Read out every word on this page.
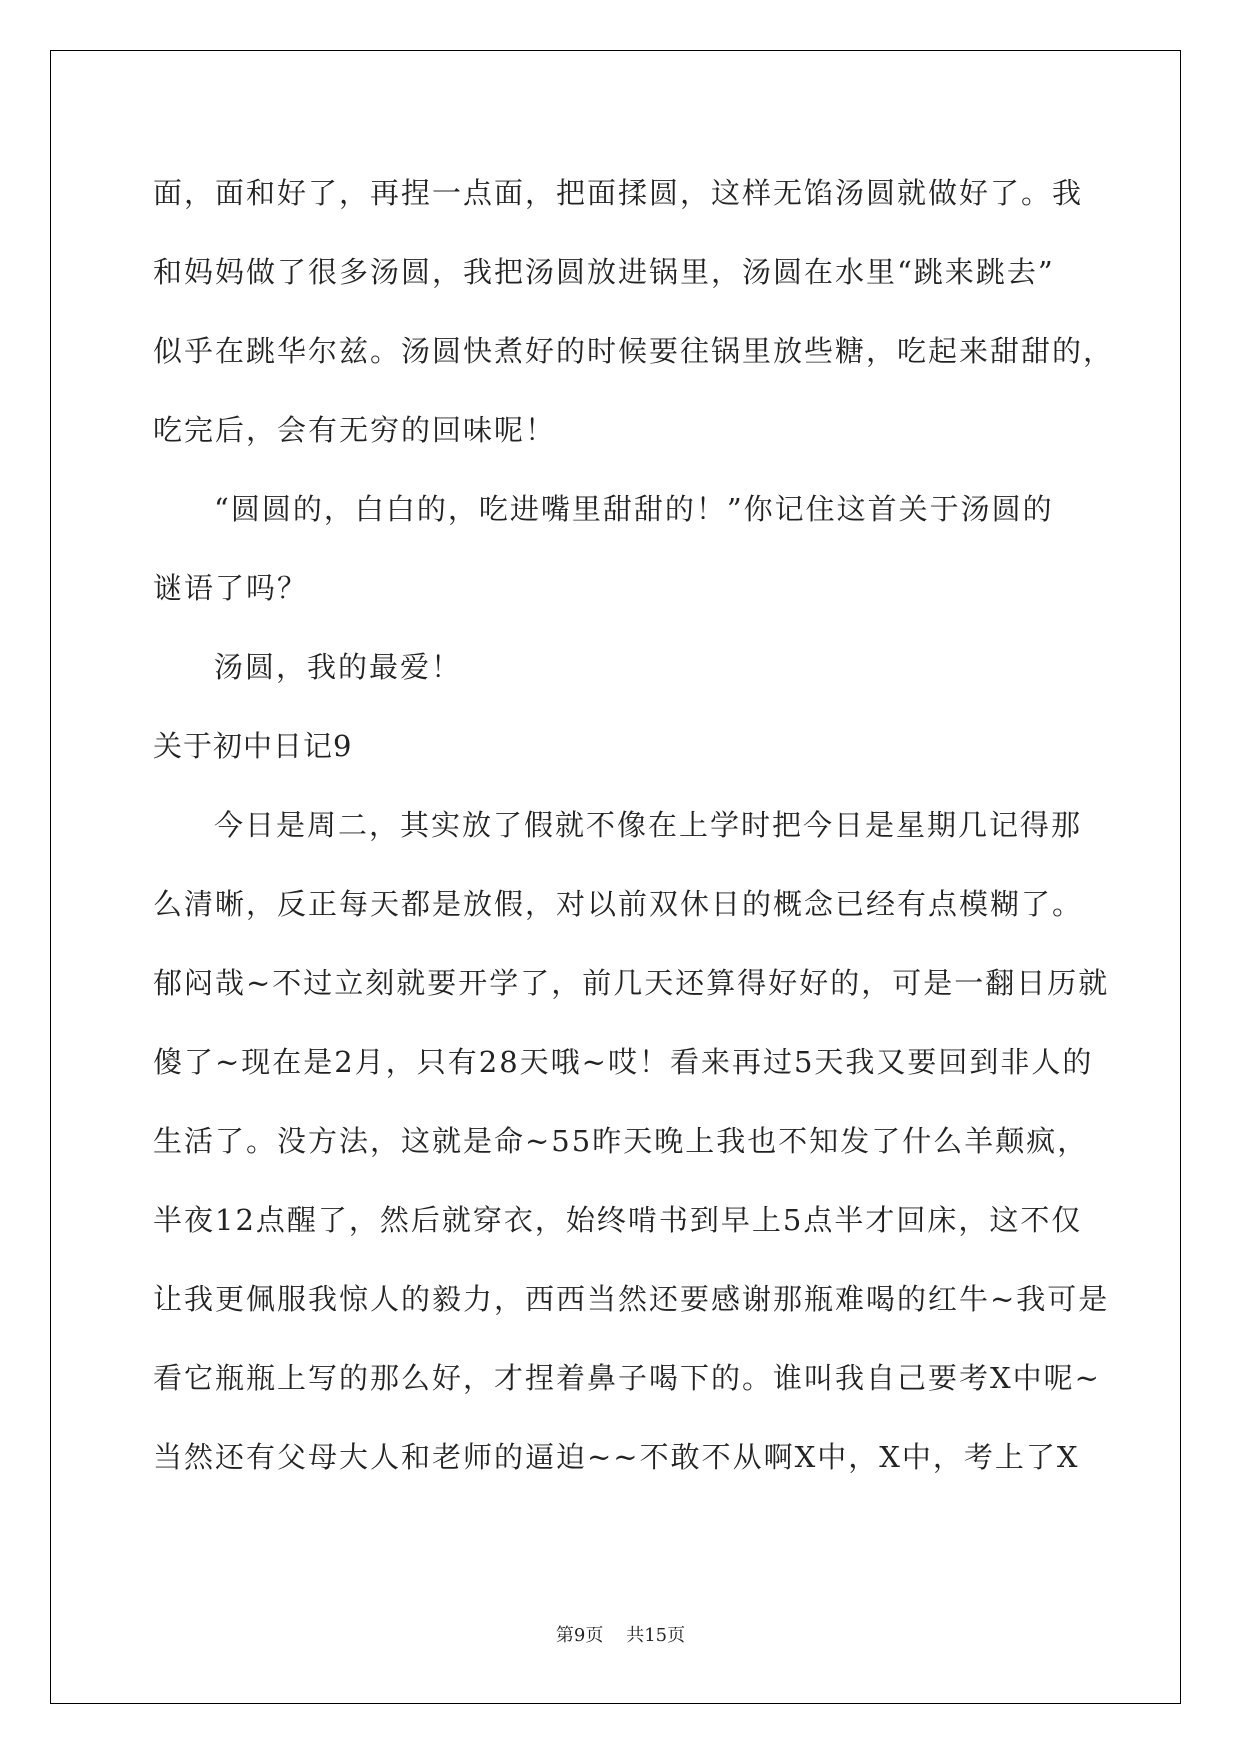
面，面和好了，再捏一点面，把面揉圆，这样无馅汤圆就做好了。我
和妈妈做了很多汤圆，我把汤圆放进锅里，汤圆在水里“跳来跳去”
似乎在跳华尔兹。汤圆快煮好的时候要往锅里放些糖，吃起来甜甜的，
吃完后，会有无穷的回味呢！
“圆圆的，白白的，吃进嘴里甜甜的！”你记住这首关于汤圆的
谜语了吗？
汤圆，我的最爱！
关于初中日记9
今日是周二，其实放了假就不像在上学时把今日是星期几记得那
么清晰，反正每天都是放假，对以前双休日的概念已经有点模糊了。
郁闷哉~不过立刻就要开学了，前几天还算得好好的，可是一翻日历就
傻了~现在是2月，只有28天哦~哎！看来再过5天我又要回到非人的
生活了。没方法，这就是命~55昨天晚上我也不知发了什么羊颠疯，
半夜12点醒了，然后就穿衣，始终啃书到早上5点半才回床，这不仅
让我更佩服我惊人的毅力，西西当然还要感谢那瓶难喝的红牛~我可是
看它瓶瓶上写的那么好，才捏着鼻子喝下的。谁叫我自己要考X中呢~
当然还有父母大人和老师的逼迫~~不敢不从啊X中，X中，考上了X
第9页 共15页
